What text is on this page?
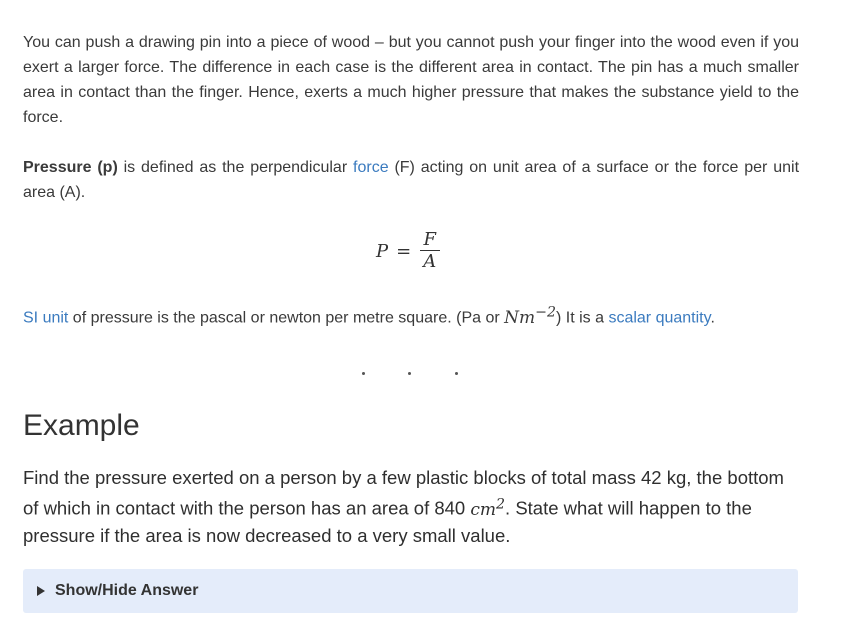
You can push a drawing pin into a piece of wood – but you cannot push your finger into the wood even if you exert a larger force. The difference in each case is the different area in contact. The pin has a much smaller area in contact than the finger. Hence, exerts a much higher pressure that makes the substance yield to the force.

Pressure (p) is defined as the perpendicular force (F) acting on unit area of a surface or the force per unit area (A).

$P = \frac{F}{A}$

SI unit of pressure is the pascal or newton per metre square. (Pa or $Nm^{-2}$) It is a scalar quantity.

Example

Find the pressure exerted on a person by a few plastic blocks of total mass 42 kg, the bottom of which in contact with the person has an area of 840 $cm^2$. State what will happen to the pressure if the area is now decreased to a very small value.

Show/Hide Answer
